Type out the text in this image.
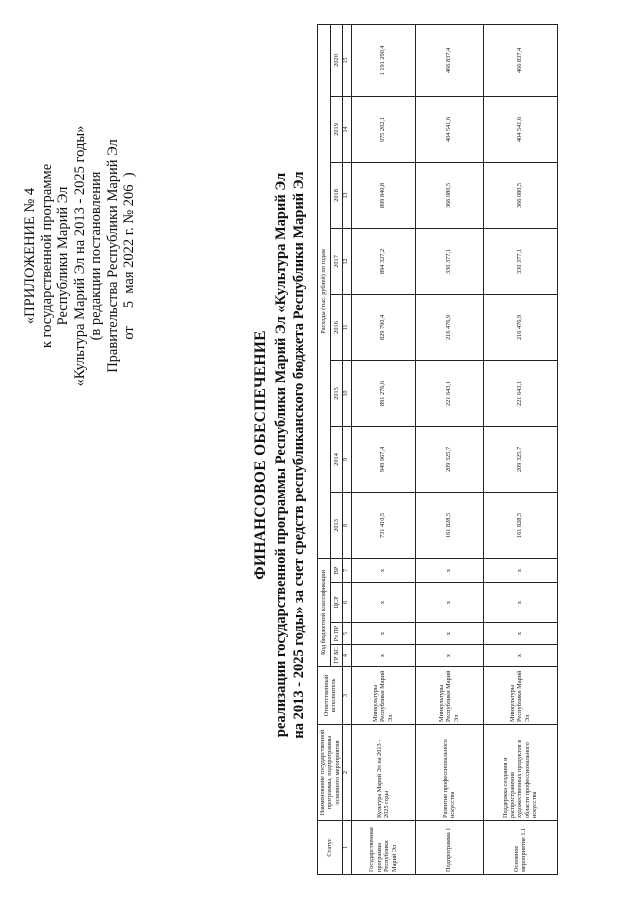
«ПРИЛОЖЕНИЕ № 4 к государственной программе Республики Марий Эл «Культура Марий Эл на 2013 - 2025 годы» (в редакции постановления Правительства Республики Марий Эл от     5  мая 2022 г. № 206  )
ФИНАНСОВОЕ ОБЕСПЕЧЕНИЕ реализации государственной программы Республики Марий Эл «Культура Марий Эл на 2013 - 2025 годы» за счет средств республиканского бюджета Республики Марий Эл
Статус	Наименование государственной программы, подпрограммы основного мероприятия	Ответственный исполнитель	Код бюджетной классификации				Расходы (тыс. рублей) по годам							
			ГР БС	Рз ПР	ЦСР	ВР	2013	2014	2015	2016	2017	2018	2019	2020
1	2	3	4	5	6	7	8	9	10	11	12	13	14	15
Государственная программа Республики Марий Эл	Культура Марий Эл на 2013 - 2025 годы	Минкультуры Республики Марий Эл	x	x	x	x	731 410,5	949 967,4	891 276,6	829 790,4	894 327,2	899 840,8	975 202,1	1 191 290,4
Подпрограмма 1	Развитие профессионального искусства	Минкультуры Республики Марий Эл	x	x	x	x	161 828,5	209 325,7	221 643,1	216 476,9	330 377,1	366 080,5	404 541,6	466 837,4
Основное мероприятие 1.1	Поддержка создания и распространения художественных продуктов в области профессионального искусства	Минкультуры Республики Марий Эл	x	x	x	x	161 828,5	209 325,7	221 643,1	216 476,9	330 377,1	366 080,5	404 541,6	466 837,4
